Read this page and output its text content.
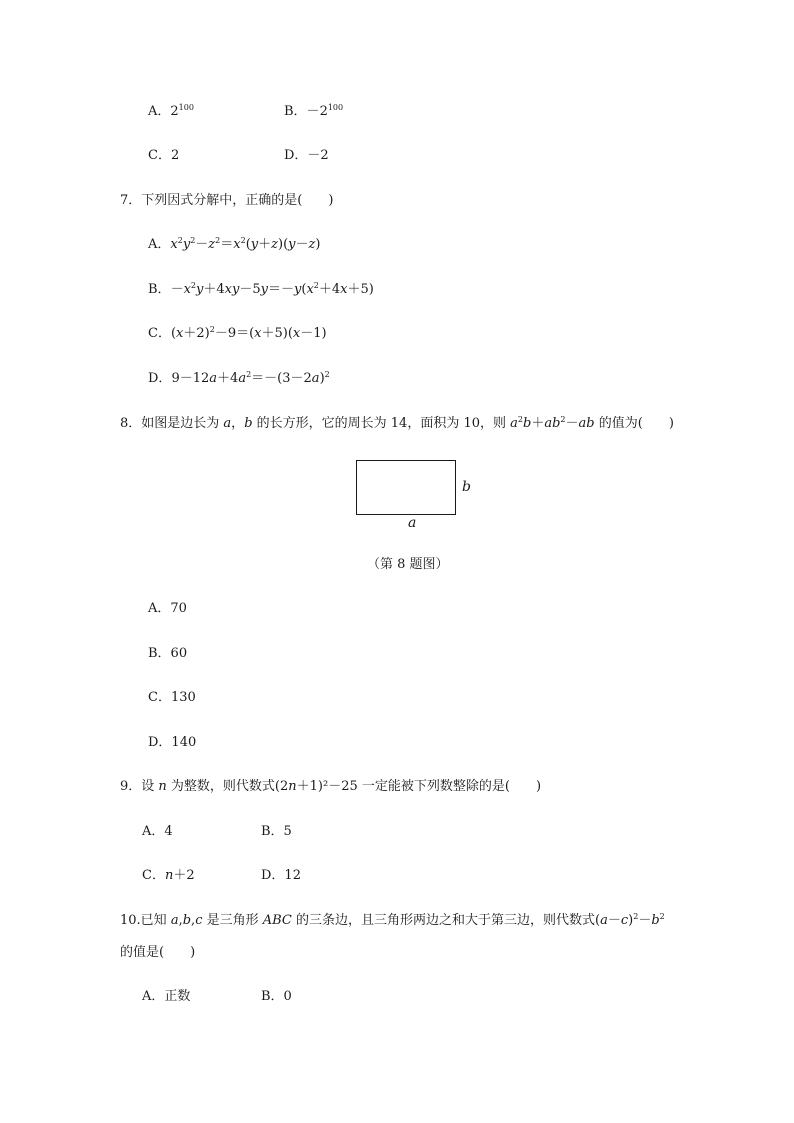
A．$2^{100}$	B．$-2^{100}$
C．2	D．－2
7．下列因式分解中，正确的是(　　)
A．$x^2y^2-z^2=x^2(y+z)(y-z)$
B．$-x^2y+4xy-5y=-y(x^2+4x+5)$
C．$(x+2)^2-9=(x+5)(x-1)$
D．$9-12a+4a^2=-(3-2a)^2$
8．如图是边长为 a，b 的长方形，它的周长为 14，面积为 10，则 $a^2b+ab^2-ab$ 的值为(　　)
b
a
（第 8 题图）
A．70
B．60
C．130
D．140
9．设 n 为整数，则代数式(2n＋1)²－25 一定能被下列数整除的是(　　)
A．4	B．5
C．n＋2	D．12
10.已知 a,b,c 是三角形 ABC 的三条边，且三角形两边之和大于第三边，则代数式$(a-c)^2-b^2$
的值是(　　)
A．正数	B．0
